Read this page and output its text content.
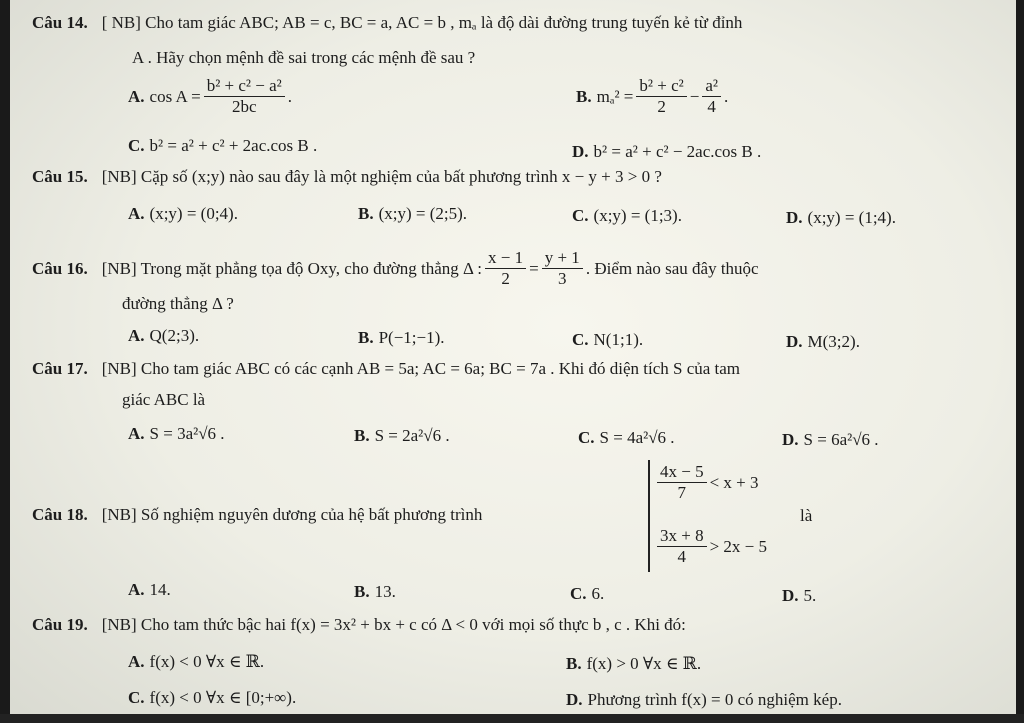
Câu 14. [ NB] Cho tam giác ABC; AB = c, BC = a, AC = b , mₐ là độ dài đường trung tuyến kẻ từ đỉnh
A . Hãy chọn mệnh đề sai trong các mệnh đề sau ?
A. $\cos A = \frac{\text{b² + c² − a²}}{2bc}$ .	B. $m_a^2 = \frac{\text{b² + c²}}{2} - \frac{\text{a²}}{4}$ .
C. b² = a² + c² + 2ac.cos B .	D. b² = a² + c² − 2ac.cos B .
Câu 15. [NB] Cặp số (x;y) nào sau đây là một nghiệm của bất phương trình x − y + 3 > 0 ?
A. (x;y) = (0;4).	B. (x;y) = (2;5).	C. (x;y) = (1;3).	D. (x;y) = (1;4).
Câu 16. [NB] Trong mặt phẳng tọa độ Oxy, cho đường thẳng Δ : $\frac{x - 1}{2} = \frac{y + 1}{3}$ . Điểm nào sau đây thuộc
đường thẳng Δ ?
A. Q(2;3).	B. P(−1;−1).	C. N(1;1).	D. M(3;2).
Câu 17. [NB] Cho tam giác ABC có các cạnh AB = 5a; AC = 6a; BC = 7a . Khi đó diện tích S của tam
giác ABC là
A. S = 3a²√6 .	B. S = 2a²√6 .	C. S = 4a²√6 .	D. S = 6a²√6 .
Câu 18. [NB] Số nghiệm nguyên dương của hệ bất phương trình
$\frac{4x - 5}{7} < x + 3$
$\frac{3x + 8}{4} > 2x - 5$
là
A. 14.	B. 13.	C. 6.	D. 5.
Câu 19. [NB] Cho tam thức bậc hai f(x) = 3x² + bx + c có Δ < 0 với mọi số thực b , c . Khi đó:
A. f(x) < 0 ∀x ∈ ℝ.	B. f(x) > 0 ∀x ∈ ℝ.
C. f(x) < 0 ∀x ∈ [0;+∞).	D. Phương trình f(x) = 0 có nghiệm kép.
